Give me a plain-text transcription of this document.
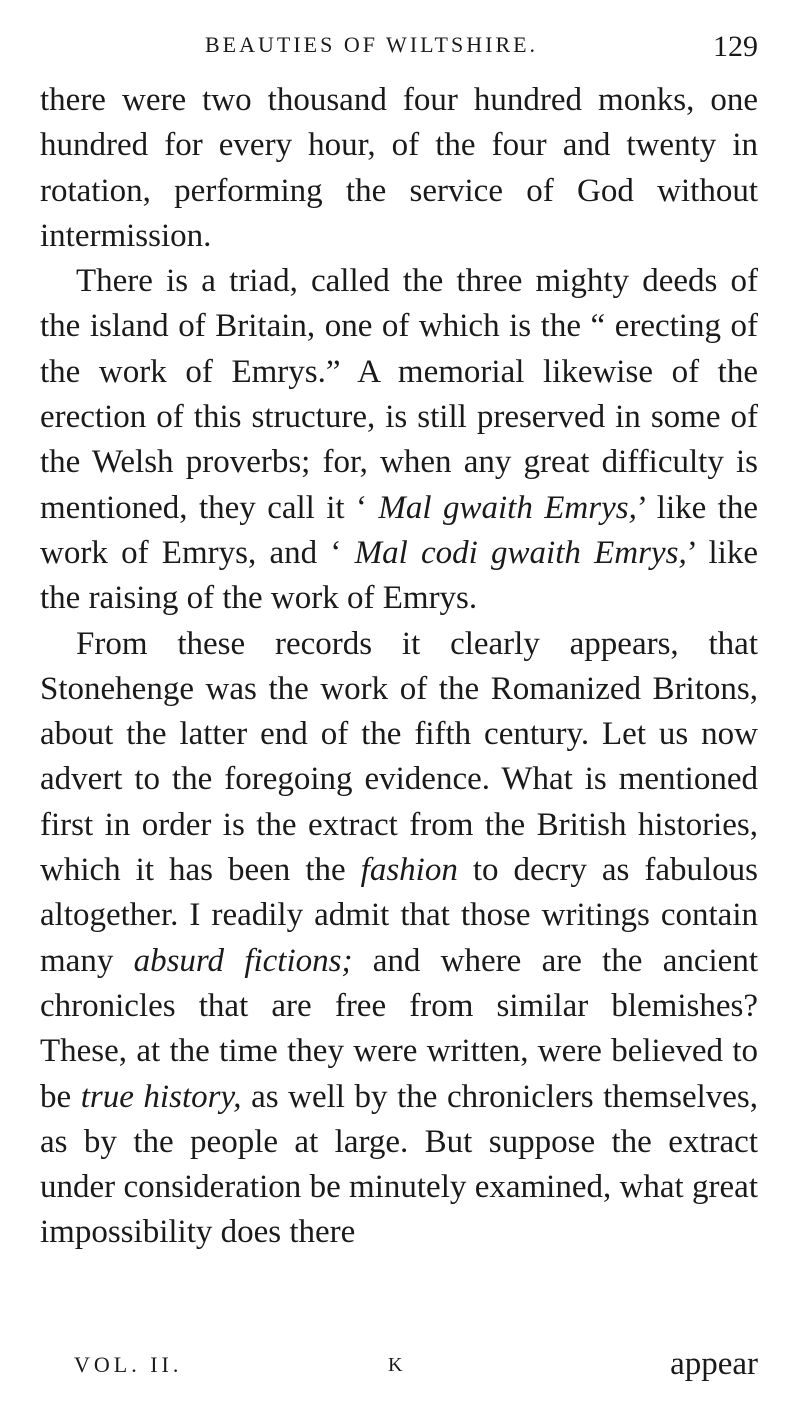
BEAUTIES OF WILTSHIRE.	129

there were two thousand four hundred monks, one hundred for every hour, of the four and twenty in rotation, performing the service of God without intermission.

There is a triad, called the three mighty deeds of the island of Britain, one of which is the “ erecting of the work of Emrys.” A memorial likewise of the erection of this structure, is still preserved in some of the Welsh proverbs; for, when any great difficulty is mentioned, they call it ‘ Mal gwaith Emrys,’ like the work of Emrys, and ‘ Mal codi gwaith Emrys,’ like the raising of the work of Emrys.

From these records it clearly appears, that Stonehenge was the work of the Romanized Britons, about the latter end of the fifth century. Let us now advert to the foregoing evidence. What is mentioned first in order is the extract from the British histories, which it has been the fashion to decry as fabulous altogether. I readily admit that those writings contain many absurd fictions; and where are the ancient chronicles that are free from similar blemishes? These, at the time they were written, were believed to be true history, as well by the chroniclers themselves, as by the people at large. But suppose the extract under consideration be minutely examined, what great impossibility does there

VOL. II.	K	appear
